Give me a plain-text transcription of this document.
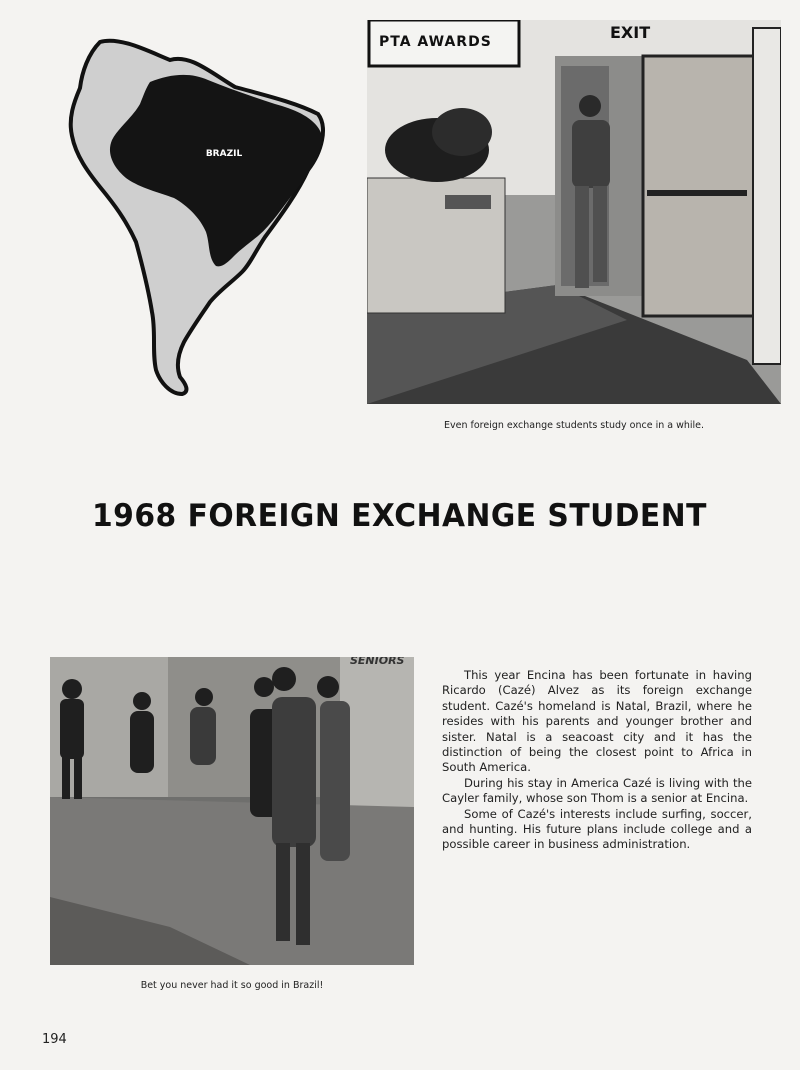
BRAZIL
PTA AWARDS	EXIT
Even foreign exchange students study once in a while.
1968 FOREIGN EXCHANGE STUDENT
SENIORS
Bet you never had it so good in Brazil!

This year Encina has been fortunate in having Ricardo (Cazé) Alvez as its foreign exchange student. Cazé's homeland is Natal, Brazil, where he resides with his parents and younger brother and sister. Natal is a seacoast city and it has the distinction of being the closest point to Africa in South America.

During his stay in America Cazé is living with the Cayler family, whose son Thom is a senior at Encina.

Some of Cazé's interests include surfing, soccer, and hunting. His future plans include college and a possible career in business administration.

194
